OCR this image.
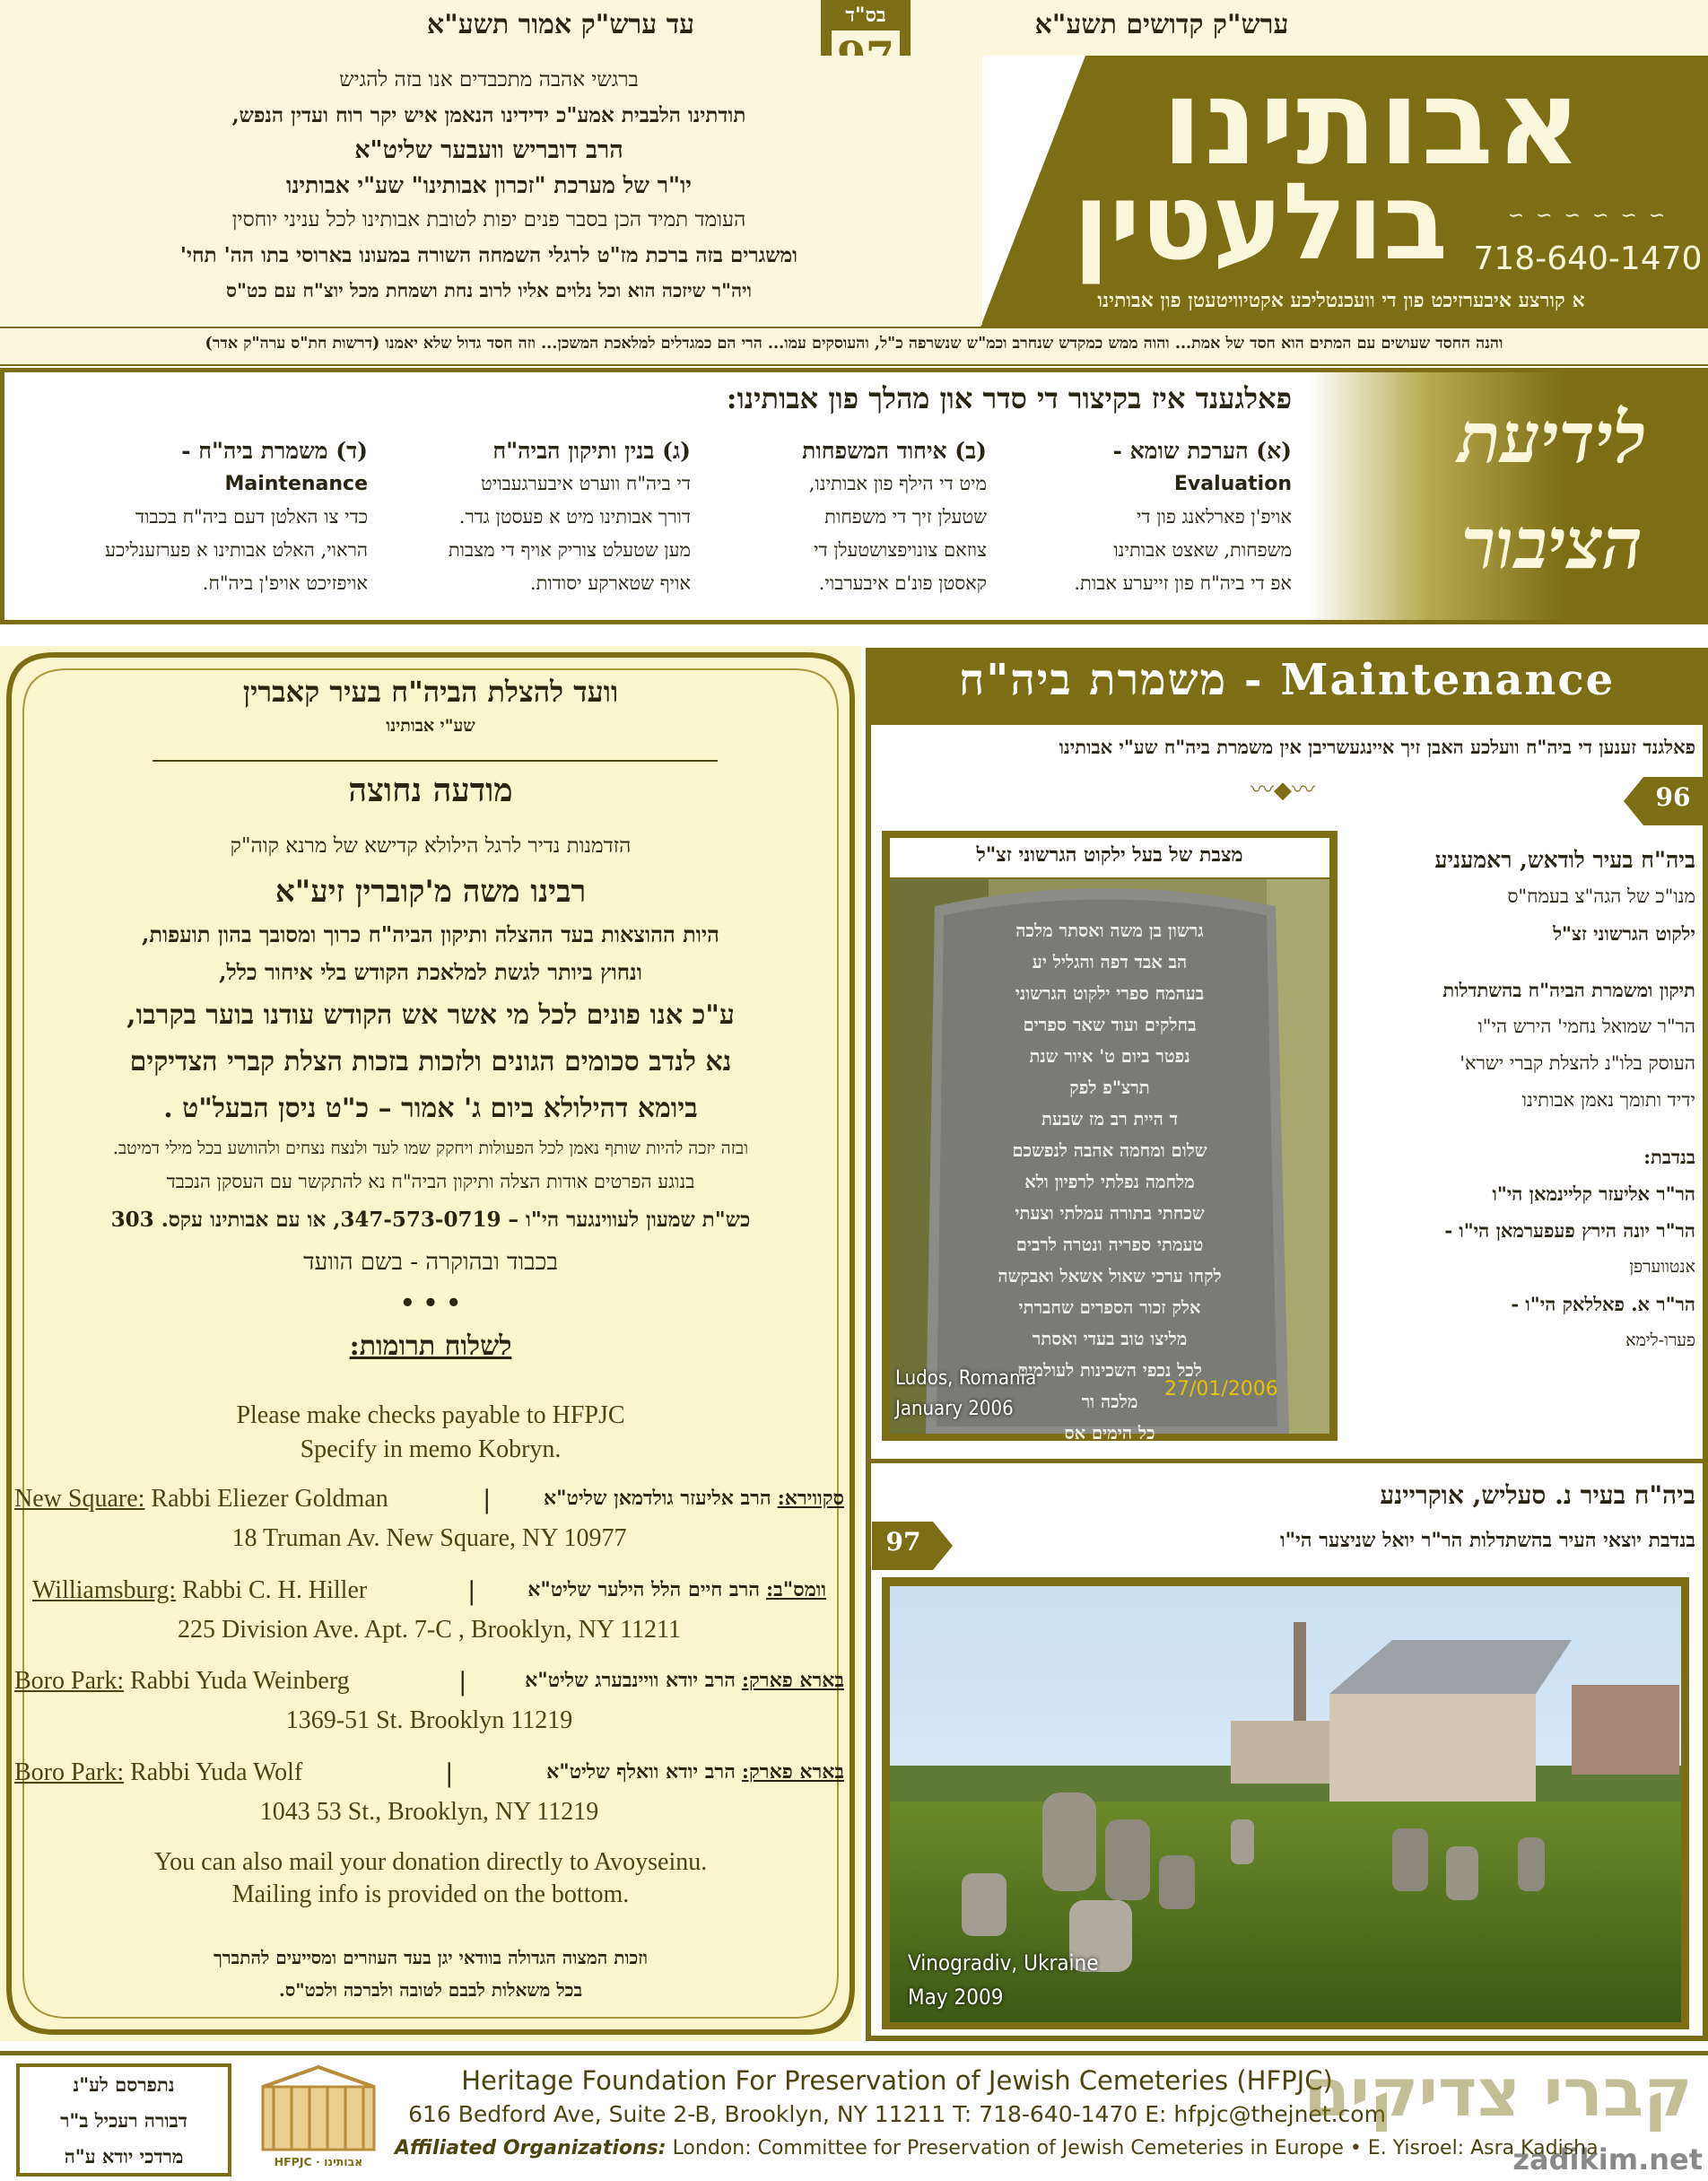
עד ערש"ק אמור תשע"א	ערש"ק קדושים תשע"א
בס"ד
אבותינו
בולעטין	∽ ∽ ∽ ∽ ∽ ∽
718-640-1470
א קורצע איבערזיכט פון די וועכנטליכע אקטיוויטעטן פון אבותינו
ברגשי אהבה מתכבדים אנו בזה להגיש
תודתינו הלבבית אמע"כ ידידינו הנאמן איש יקר רוח ועדין הנפש,
הרב דובריש וועבער שליט"א
יו"ר של מערכת "זכרון אבותינו" שע"י אבותינו
העומד תמיד הכן בסבר פנים יפות לטובת אבותינו לכל עניני יוחסין
ומשגרים בזה ברכת מז"ט לרגלי השמחה השורה במעונו בארוסי בתו הה' תחי'
ויה"ר שיזכה הוא וכל נלוים אליו לרוב נחת ושמחת מכל יוצ"ח עם כט"ס
והנה החסד שעושים עם המתים הוא חסד של אמת... והוה ממש כמקדש שנחרב וכמ"ש שנשרפה כ"ל, והעוסקים עמו... הרי הם כמגדלים למלאכת המשכן... וזה חסד גדול שלא יאמנו (דרשות חת"ס ערה"ק אדר)
לידיעת הציבור
פאלגענד איז בקיצור די סדר און מהלך פון אבותינו:
(א) הערכת שומא -
Evaluation
אויפ'ן פארלאנג פון די
משפחות, שאצט אבותינו
אפ די ביה"ח פון זייערע אבות.
(ב) איחוד המשפחות
מיט די הילף פון אבותינו,
שטעלן זיך די משפחות
צוזאם צונויפצושטעלן די
קאסטן פונ'ם איבערבוי.
(ג) בנין ותיקון הביה"ח
די ביה"ח ווערט איבערגעבויט
דורך אבותינו מיט א פעסטן גדר.
מען שטעלט צוריק אויף די מצבות
אויף שטארקע יסודות.
(ד) משמרת ביה"ח -
Maintenance
כדי צו האלטן דעם ביה"ח בכבוד
הראוי, האלט אבותינו א פערזענליכע
אויפזיכט אויפ'ן ביה"ח.
וועד להצלת הביה"ח בעיר קאברין
שע"י אבותינו
מודעה נחוצה
הזדמנות נדיר לרגל הילולא קדישא של מרנא קוה"ק
רבינו משה מ'קוברין זיע"א
היות ההוצאות בעד ההצלה ותיקון הביה"ח כרוך ומסובך בהון תועפות,
ונחוץ ביותר לגשת למלאכת הקודש בלי איחור כלל,
ע"כ אנו פונים לכל מי אשר אש הקודש עודנו בוער בקרבו,
נא לנדב סכומים הגונים ולזכות בזכות הצלת קברי הצדיקים
ביומא דהילולא ביום ג' אמור – כ"ט ניסן הבעל"ט .
ובזה יזכה להיות שותף נאמן לכל הפעולות ויחקק שמו לעד ולנצח נצחים ולהוושע בכל מילי דמיטב.
בנוגע הפרטים אודות הצלה ותיקון הביה"ח נא להתקשר עם העסקן הנכבד
כש"ת שמעון לעווינגער הי"ו – 347-573-0719, או עם אבותינו עקס. 303
בכבוד ובהוקרה - בשם הוועד
• • •
לשלוח תרומות:
Please make checks payable to HFPJC
Specify in memo Kobryn.
New Square: Rabbi Eliezer Goldman	|	סקווירא: הרב אליעזר גולדמאן שליט"א
18 Truman Av. New Square, NY 10977
Williamsburg: Rabbi C. H. Hiller	|	וומס"ב: הרב חיים הלל הילער שליט"א
225 Division Ave. Apt. 7-C , Brooklyn, NY 11211
Boro Park: Rabbi Yuda Weinberg	|	בארא פארק: הרב יודא וויינבערג שליט"א
1369-51 St. Brooklyn 11219
Boro Park: Rabbi Yuda Wolf	|	בארא פארק: הרב יודא וואלף שליט"א
1043 53 St., Brooklyn, NY 11219
You can also mail your donation directly to Avoyseinu.
Mailing info is provided on the bottom.
וזכות המצוה הגדולה בוודאי יגן בעד העוזרים ומסייעים להתברך
בכל משאלות לבבם לטובה ולברכה ולכט"ס.
משמרת ביה"ח - Maintenance
פאלגנד זענען די ביה"ח וועלכע האבן זיך איינגעשריבן אין משמרת ביה"ח שע"י אבותינו
〰◆〰	96
מצבת של בעל ילקוט הגרשוני זצ"ל
גרשון בן משה ואסתר מלכה
הב אבד דפה והגליל יע
בעהמח ספרי ילקוט הגרשוני
בחלקים ועוד שאר ספרים
נפטר ביום ט' איור שנת
תרצ"פ לפק
ד היית רב מז שבעת
שלום ומחמה אהבה לנפשכם
מלחמה נפלתי לרפיון ולא
שכחתי בתורה עמלתי וצעתי
טעמתי ספריה ונטרה לרבים
לקחו ערכי שאול אשאל ואבקשה
אלק זכור הספרים שחברתי
מליצו טוב בעדי ואסתר
לכל נכפי השכינות לעולמים
מלכה ור
כל הימים אס
Ludos, Romania
January 2006
27/01/2006
ביה"ח בעיר לודאש, ראמעניע
מנו"כ של הגה"צ בעמח"ס
ילקוט הגרשוני זצ"ל
תיקון ומשמרת הביה"ח בהשתדלות
הר"ר שמואל נחמי' הירש הי"ו
העוסק בלו"נ להצלת קברי ישרא'
ידיד ותומך נאמן אבותינו
בנדבת:
הר"ר אליעזר קליינמאן הי"ו
הר"ר יונה הירץ פעפערמאן הי"ו -
אנטווערפן
הר"ר א. פאללאק הי"ו -
פערו-לימא
ביה"ח בעיר נ. סעליש, אוקריינע
בנדבת יוצאי העיר בהשתדלות הר"ר יואל שניצער הי"ו
97
Vinogradiv, Ukraine
May 2009
נתפרסם לע"נ
דבורה רעכיל ב"ר
מרדכי יודא ע"ה	HFPJC · אבותינו
Heritage Foundation For Preservation of Jewish Cemeteries (HFPJC)
616 Bedford Ave, Suite 2-B, Brooklyn, NY 11211 T: 718-640-1470 E: hfpjc@thejnet.com
Affiliated Organizations: London: Committee for Preservation of Jewish Cemeteries in Europe • E. Yisroel: Asra Kadisha
קברי צדיקים
zadikim.net
